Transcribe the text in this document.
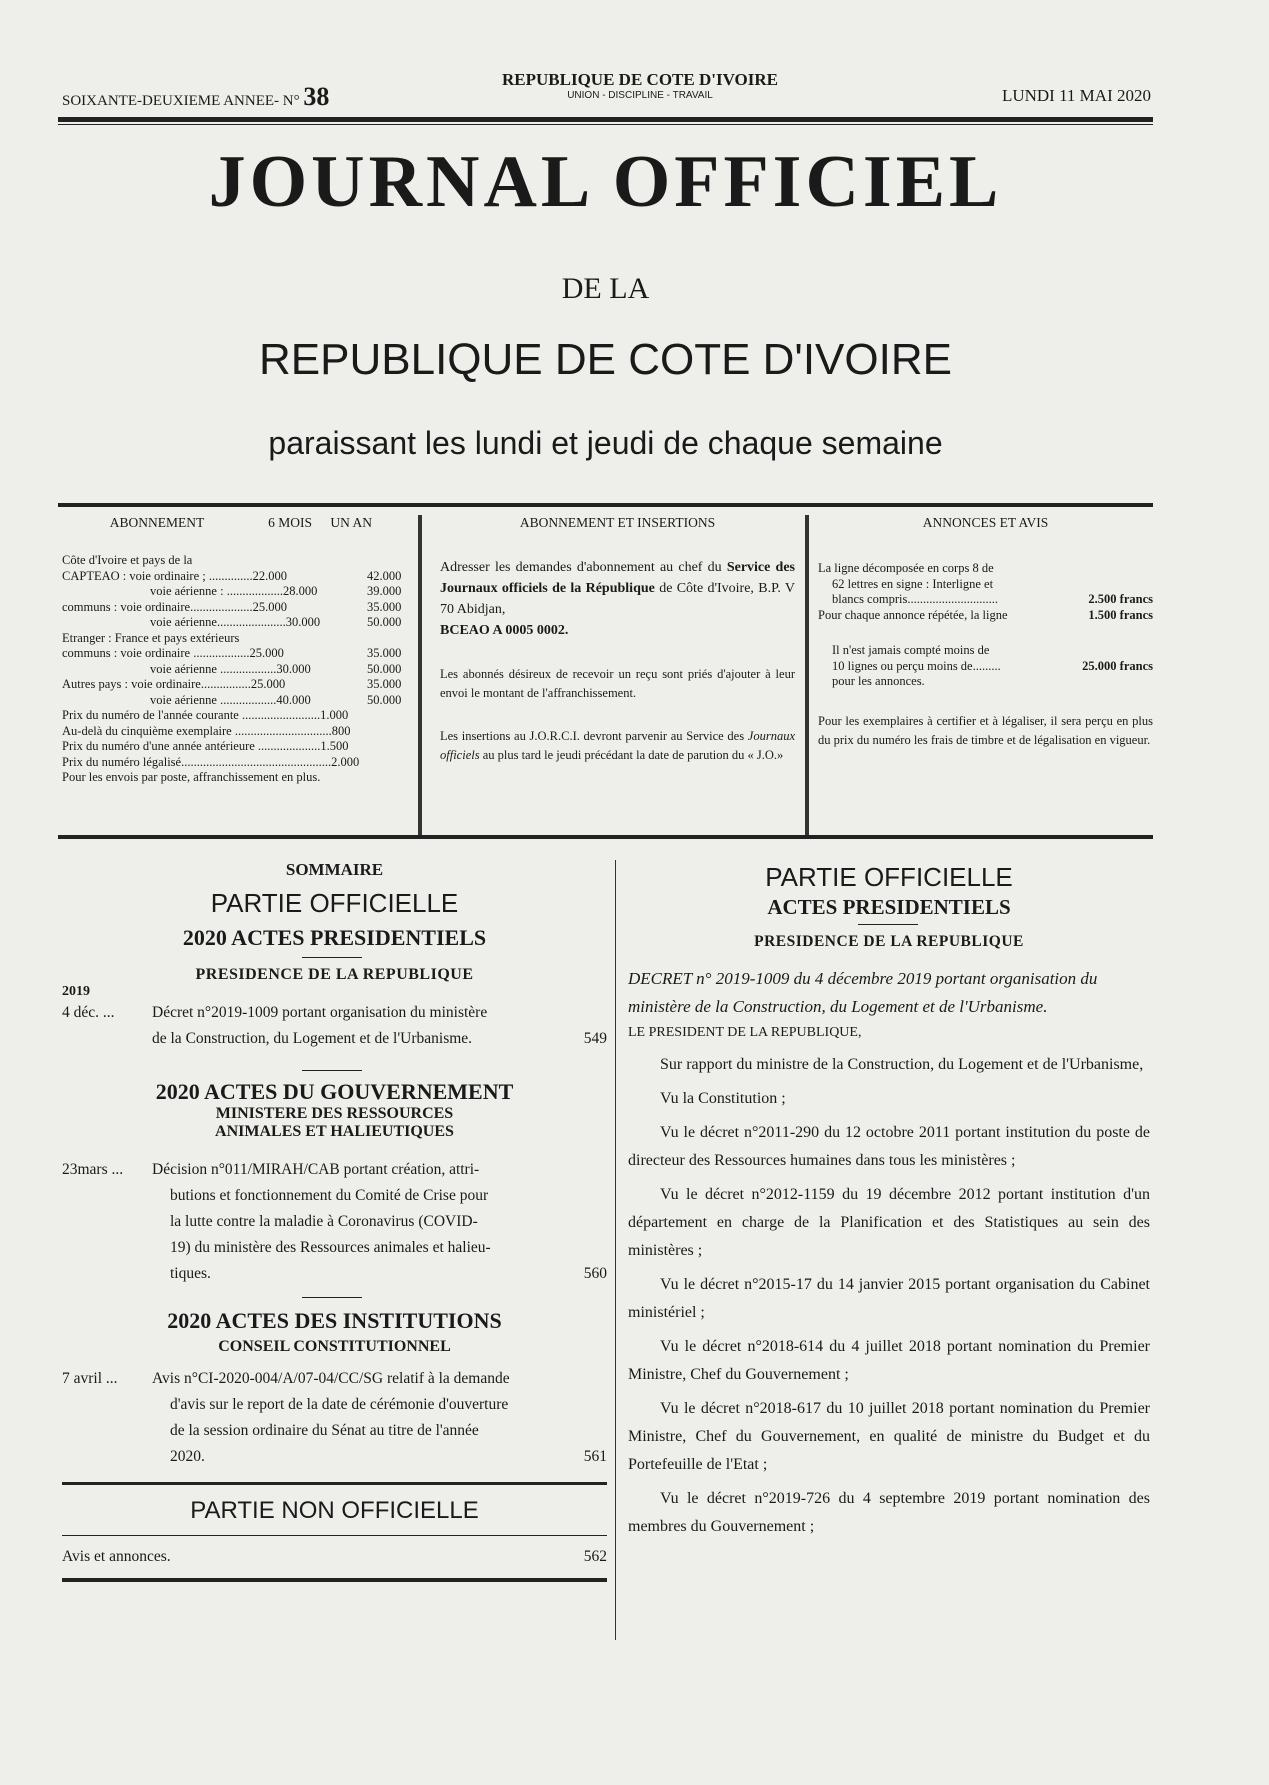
SOIXANTE-DEUXIEME ANNEE- N° 38
REPUBLIQUE DE COTE D'IVOIRE
UNION - DISCIPLINE - TRAVAIL	LUNDI 11 MAI 2020
JOURNAL OFFICIEL
DE LA
REPUBLIQUE DE COTE D'IVOIRE
paraissant les lundi et jeudi de chaque semaine
ABONNEMENT	6 MOIS	UN AN
Côte d'Ivoire et pays de la
CAPTEAO : voie ordinaire ; ..............22.000	42.000
voie aérienne : ..................28.000	39.000
communs : voie ordinaire....................25.000	35.000
voie aérienne......................30.000	50.000
Etranger : France et pays extérieurs
communs : voie ordinaire ..................25.000	35.000
voie aérienne ..................30.000	50.000
Autres pays : voie ordinaire................25.000	35.000
voie aérienne ..................40.000	50.000
Prix du numéro de l'année courante .........................1.000
Au-delà du cinquième exemplaire ...............................800
Prix du numéro d'une année antérieure ....................1.500
Prix du numéro légalisé................................................2.000
Pour les envois par poste, affranchissement en plus.
ABONNEMENT ET INSERTIONS
Adresser les demandes d'abonnement au chef du Service des Journaux officiels de la République de Côte d'Ivoire, B.P. V 70 Abidjan,
BCEAO A 0005 0002.
Les abonnés désireux de recevoir un reçu sont priés d'ajouter à leur envoi le montant de l'affranchissement.
Les insertions au J.O.R.C.I. devront parvenir au Service des Journaux officiels au plus tard le jeudi précédant la date de parution du « J.O.»
ANNONCES ET AVIS
La ligne décomposée en corps 8 de
62 lettres en signe : Interligne et
blancs compris.............................	2.500 francs
Pour chaque annonce répétée, la ligne	1.500 francs
Il n'est jamais compté moins de
10 lignes ou perçu moins de.........	25.000 francs
pour les annonces.
Pour les exemplaires à certifier et à légaliser, il sera perçu en plus du prix du numéro les frais de timbre et de légalisation en vigueur.
SOMMAIRE
PARTIE OFFICIELLE
2020 ACTES PRESIDENTIELS
PRESIDENCE DE LA REPUBLIQUE
2019
4 déc. ...	Décret n°2019-1009 portant organisation du ministère
de la Construction, du Logement et de l'Urbanisme.	549
2020 ACTES DU GOUVERNEMENT
MINISTERE DES RESSOURCES
ANIMALES ET HALIEUTIQUES
23mars ...	Décision n°011/MIRAH/CAB portant création, attri-
butions et fonctionnement du Comité de Crise pour
la lutte contre la maladie à Coronavirus (COVID-
19) du ministère des Ressources animales et halieu-
tiques.	560
2020 ACTES DES INSTITUTIONS
CONSEIL CONSTITUTIONNEL
7 avril ...	Avis n°CI-2020-004/A/07-04/CC/SG relatif à la demande
d'avis sur le report de la date de cérémonie d'ouverture
de la session ordinaire du Sénat au titre de l'année
2020.	561
PARTIE NON OFFICIELLE
Avis et annonces.	562
PARTIE OFFICIELLE
ACTES PRESIDENTIELS
PRESIDENCE DE LA REPUBLIQUE
DECRET n° 2019-1009 du 4 décembre 2019 portant organisation du ministère de la Construction, du Logement et de l'Urbanisme.
LE PRESIDENT DE LA REPUBLIQUE,

Sur rapport du ministre de la Construction, du Logement et de l'Urbanisme,

Vu la Constitution ;

Vu le décret n°2011-290 du 12 octobre 2011 portant institution du poste de directeur des Ressources humaines dans tous les ministères ;

Vu le décret n°2012-1159 du 19 décembre 2012 portant institution d'un département en charge de la Planification et des Statistiques au sein des ministères ;

Vu le décret n°2015-17 du 14 janvier 2015 portant organisation du Cabinet ministériel ;

Vu le décret n°2018-614 du 4 juillet 2018 portant nomination du Premier Ministre, Chef du Gouvernement ;

Vu le décret n°2018-617 du 10 juillet 2018 portant nomination du Premier Ministre, Chef du Gouvernement, en qualité de ministre du Budget et du Portefeuille de l'Etat ;

Vu le décret n°2019-726 du 4 septembre 2019 portant nomination des membres du Gouvernement ;
